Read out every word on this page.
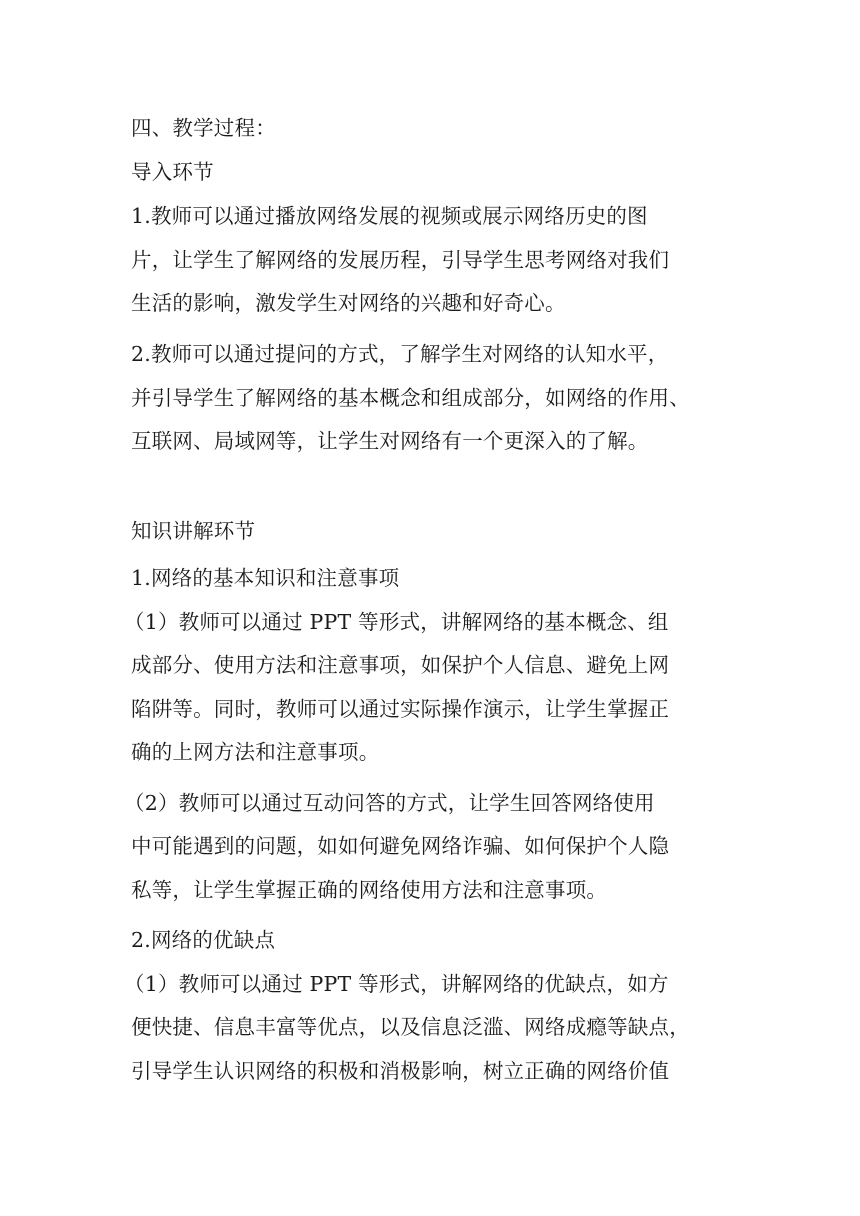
四、教学过程：
导入环节
1.教师可以通过播放网络发展的视频或展示网络历史的图
片，让学生了解网络的发展历程，引导学生思考网络对我们
生活的影响，激发学生对网络的兴趣和好奇心。
2.教师可以通过提问的方式，了解学生对网络的认知水平，
并引导学生了解网络的基本概念和组成部分，如网络的作用、
互联网、局域网等，让学生对网络有一个更深入的了解。
知识讲解环节
1.网络的基本知识和注意事项
（1）教师可以通过 PPT 等形式，讲解网络的基本概念、组
成部分、使用方法和注意事项，如保护个人信息、避免上网
陷阱等。同时，教师可以通过实际操作演示，让学生掌握正
确的上网方法和注意事项。
（2）教师可以通过互动问答的方式，让学生回答网络使用
中可能遇到的问题，如如何避免网络诈骗、如何保护个人隐
私等，让学生掌握正确的网络使用方法和注意事项。
2.网络的优缺点
（1）教师可以通过 PPT 等形式，讲解网络的优缺点，如方
便快捷、信息丰富等优点，以及信息泛滥、网络成瘾等缺点，
引导学生认识网络的积极和消极影响，树立正确的网络价值
